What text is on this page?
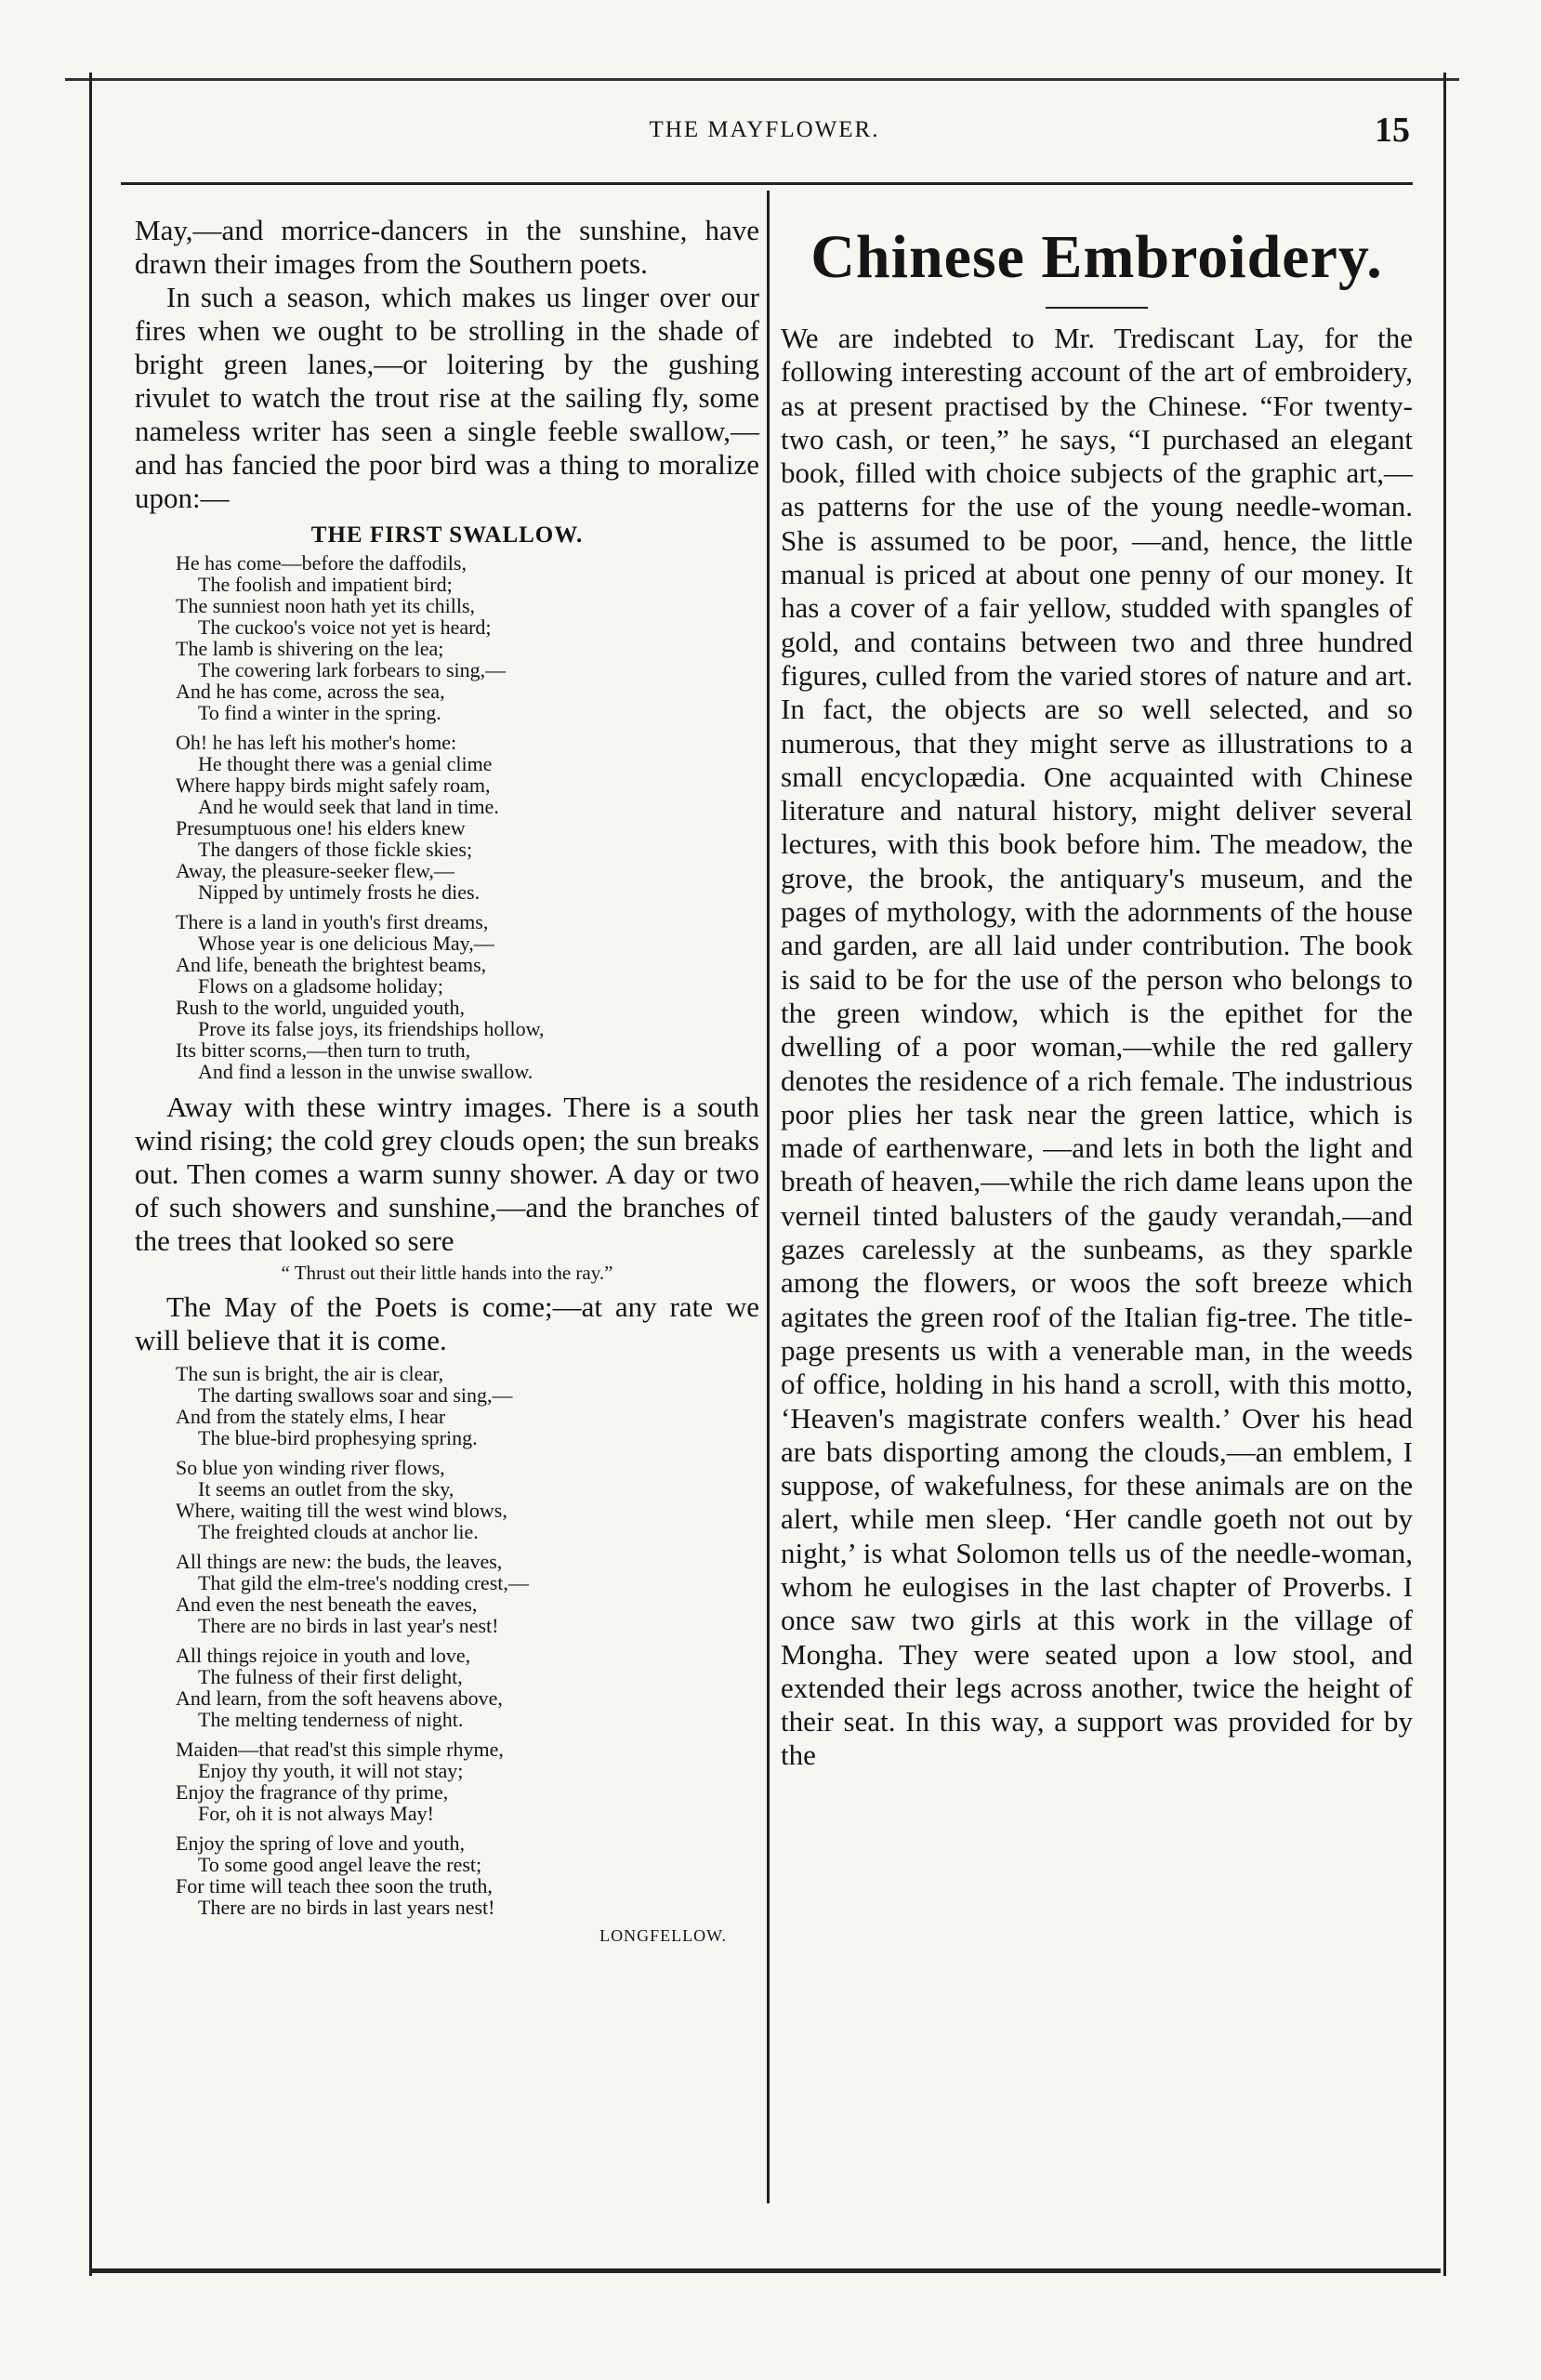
THE MAYFLOWER.	15

May,—and morrice-dancers in the sunshine, have drawn their images from the Southern poets.

In such a season, which makes us linger over our fires when we ought to be strolling in the shade of bright green lanes,—or loitering by the gushing rivulet to watch the trout rise at the sailing fly, some nameless writer has seen a single feeble swallow,—and has fancied the poor bird was a thing to moralize upon:—

THE FIRST SWALLOW.
He has come—before the daffodils,
The foolish and impatient bird;
The sunniest noon hath yet its chills,
The cuckoo's voice not yet is heard;
The lamb is shivering on the lea;
The cowering lark forbears to sing,—
And he has come, across the sea,
To find a winter in the spring.
Oh! he has left his mother's home:
He thought there was a genial clime
Where happy birds might safely roam,
And he would seek that land in time.
Presumptuous one! his elders knew
The dangers of those fickle skies;
Away, the pleasure-seeker flew,—
Nipped by untimely frosts he dies.
There is a land in youth's first dreams,
Whose year is one delicious May,—
And life, beneath the brightest beams,
Flows on a gladsome holiday;
Rush to the world, unguided youth,
Prove its false joys, its friendships hollow,
Its bitter scorns,—then turn to truth,
And find a lesson in the unwise swallow.

Away with these wintry images. There is a south wind rising; the cold grey clouds open; the sun breaks out. Then comes a warm sunny shower. A day or two of such showers and sunshine,—and the branches of the trees that looked so sere

“ Thrust out their little hands into the ray.”

The May of the Poets is come;—at any rate we will believe that it is come.

The sun is bright, the air is clear,
The darting swallows soar and sing,—
And from the stately elms, I hear
The blue-bird prophesying spring.
So blue yon winding river flows,
It seems an outlet from the sky,
Where, waiting till the west wind blows,
The freighted clouds at anchor lie.
All things are new: the buds, the leaves,
That gild the elm-tree's nodding crest,—
And even the nest beneath the eaves,
There are no birds in last year's nest!
All things rejoice in youth and love,
The fulness of their first delight,
And learn, from the soft heavens above,
The melting tenderness of night.
Maiden—that read'st this simple rhyme,
Enjoy thy youth, it will not stay;
Enjoy the fragrance of thy prime,
For, oh it is not always May!
Enjoy the spring of love and youth,
To some good angel leave the rest;
For time will teach thee soon the truth,
There are no birds in last years nest!
LONGFELLOW.
Chinese Embroidery.

We are indebted to Mr. Trediscant Lay, for the following interesting account of the art of embroidery, as at present practised by the Chinese. “For twenty-two cash, or teen,” he says, “I purchased an elegant book, filled with choice subjects of the graphic art,—as patterns for the use of the young needle-woman. She is assumed to be poor, —and, hence, the little manual is priced at about one penny of our money. It has a cover of a fair yellow, studded with spangles of gold, and contains between two and three hundred figures, culled from the varied stores of nature and art. In fact, the objects are so well selected, and so numerous, that they might serve as illustrations to a small encyclopædia. One acquainted with Chinese literature and natural history, might deliver several lectures, with this book before him. The meadow, the grove, the brook, the antiquary's museum, and the pages of mythology, with the adornments of the house and garden, are all laid under contribution. The book is said to be for the use of the person who belongs to the green window, which is the epithet for the dwelling of a poor woman,—while the red gallery denotes the residence of a rich female. The industrious poor plies her task near the green lattice, which is made of earthenware, —and lets in both the light and breath of heaven,—while the rich dame leans upon the verneil tinted balusters of the gaudy verandah,—and gazes carelessly at the sunbeams, as they sparkle among the flowers, or woos the soft breeze which agitates the green roof of the Italian fig-tree. The title-page presents us with a venerable man, in the weeds of office, holding in his hand a scroll, with this motto, ‘Heaven's magistrate confers wealth.’ Over his head are bats disporting among the clouds,—an emblem, I suppose, of wakefulness, for these animals are on the alert, while men sleep. ‘Her candle goeth not out by night,’ is what Solomon tells us of the needle-woman, whom he eulogises in the last chapter of Proverbs. I once saw two girls at this work in the village of Mongha. They were seated upon a low stool, and extended their legs across another, twice the height of their seat. In this way, a support was provided for by the
